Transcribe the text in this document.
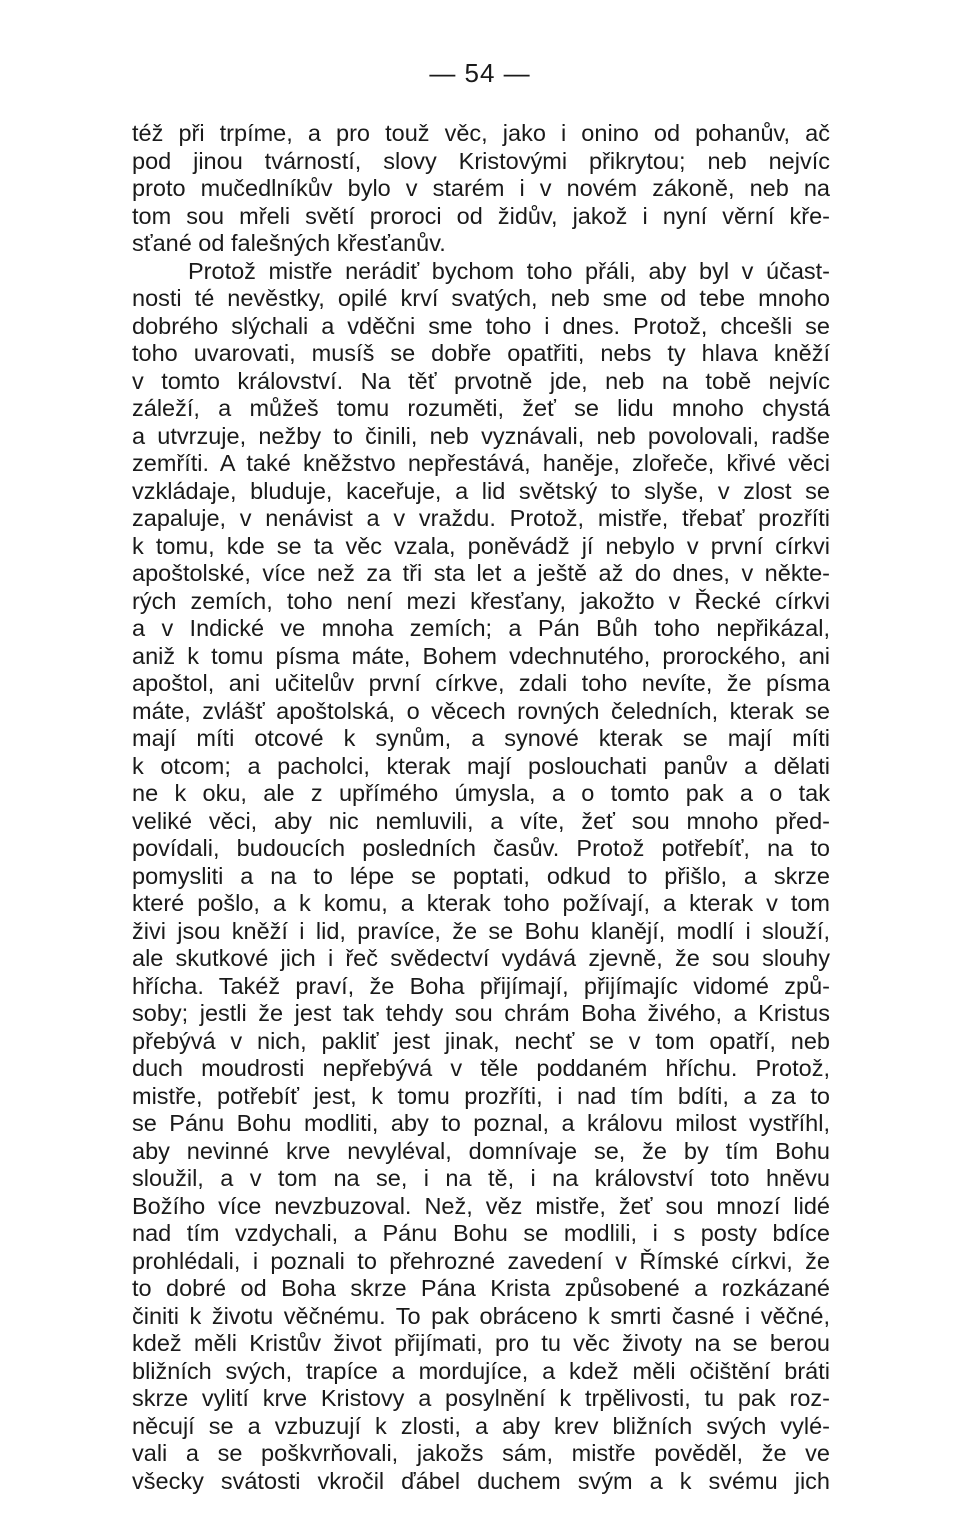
— 54 —
též při trpíme, a pro touž věc, jako i onino od pohanův, ač
pod jinou tvárností, slovy Kristovými přikrytou; neb nejvíc
proto mučedlníkův bylo v starém i v novém zákoně, neb na
tom sou mřeli světí proroci od židův, jakož i nyní věrní kře-
sťané od falešných křesťanův.
Protož mistře nerádiť bychom toho přáli, aby byl v účast-
nosti té nevěstky, opilé krví svatých, neb sme od tebe mnoho
dobrého slýchali a vděčni sme toho i dnes. Protož, chcešli se
toho uvarovati, musíš se dobře opatřiti, nebs ty hlava kněží
v tomto království. Na těť prvotně jde, neb na tobě nejvíc
záleží, a můžeš tomu rozuměti, žeť se lidu mnoho chystá
a utvrzuje, nežby to činili, neb vyznávali, neb povolovali, radše
zemříti. A také kněžstvo nepřestává, haněje, zlořeče, křivé věci
vzkládaje, bluduje, kaceřuje, a lid světský to slyše, v zlost se
zapaluje, v nenávist a v vraždu. Protož, mistře, třebať prozříti
k tomu, kde se ta věc vzala, poněvádž jí nebylo v první církvi
apoštolské, více než za tři sta let a ještě až do dnes, v někte-
rých zemích, toho není mezi křesťany, jakožto v Řecké církvi
a v Indické ve mnoha zemích; a Pán Bůh toho nepřikázal,
aniž k tomu písma máte, Bohem vdechnutého, prorockého, ani
apoštol, ani učitelův první církve, zdali toho nevíte, že písma
máte, zvlášť apoštolská, o věcech rovných čeledních, kterak se
mají míti otcové k synům, a synové kterak se mají míti
k otcom; a pacholci, kterak mají poslouchati panův a dělati
ne k oku, ale z upřímého úmysla, a o tomto pak a o tak
veliké věci, aby nic nemluvili, a víte, žeť sou mnoho před-
povídali, budoucích posledních časův. Protož potřebíť, na to
pomysliti a na to lépe se poptati, odkud to přišlo, a skrze
které pošlo, a k komu, a kterak toho požívají, a kterak v tom
živi jsou kněží i lid, pravíce, že se Bohu klanějí, modlí i slouží,
ale skutkové jich i řeč svědectví vydává zjevně, že sou slouhy
hřícha. Takéž praví, že Boha přijímají, přijímajíc vidomé způ-
soby; jestli že jest tak tehdy sou chrám Boha živého, a Kristus
přebývá v nich, pakliť jest jinak, nechť se v tom opatří, neb
duch moudrosti nepřebývá v těle poddaném hříchu. Protož,
mistře, potřebíť jest, k tomu prozříti, i nad tím bdíti, a za to
se Pánu Bohu modliti, aby to poznal, a královu milost vystříhl,
aby nevinné krve nevyléval, domnívaje se, že by tím Bohu
sloužil, a v tom na se, i na tě, i na království toto hněvu
Božího více nevzbuzoval. Než, věz mistře, žeť sou mnozí lidé
nad tím vzdychali, a Pánu Bohu se modlili, i s posty bdíce
prohlédali, i poznali to přehrozné zavedení v Římské církvi, že
to dobré od Boha skrze Pána Krista způsobené a rozkázané
činiti k životu věčnému. To pak obráceno k smrti časné i věčné,
kdež měli Kristův život přijímati, pro tu věc životy na se berou
bližních svých, trapíce a mordujíce, a kdež měli očištění bráti
skrze vylití krve Kristovy a posylnění k trpělivosti, tu pak roz-
něcují se a vzbuzují k zlosti, a aby krev bližních svých vylé-
vali a se poškvrňovali, jakožs sám, mistře pověděl, že ve
všecky svátosti vkročil ďábel duchem svým a k svému jich
